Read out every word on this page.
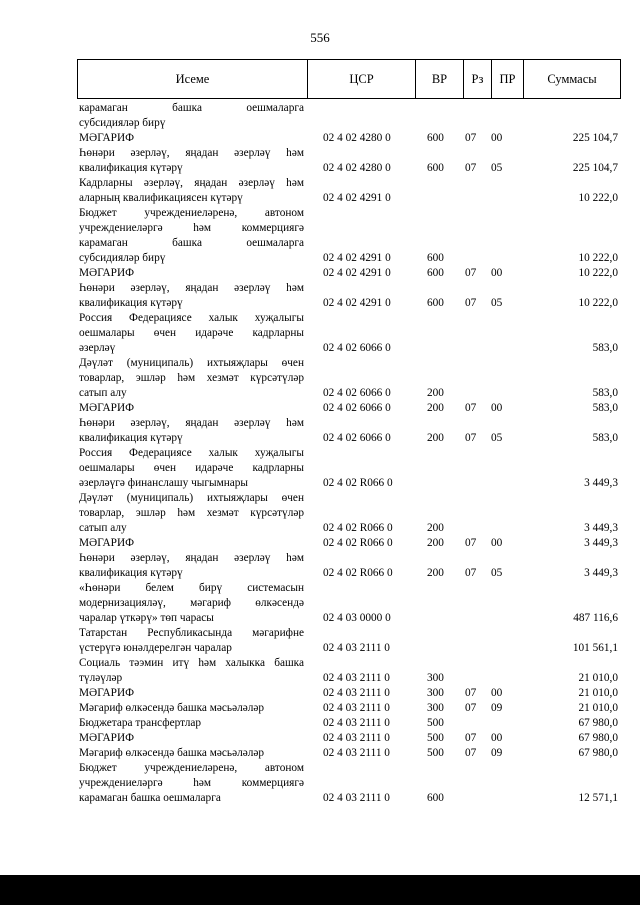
556
Исеме	ЦСР	ВР	Рз	ПР	Суммасы
карамаган башка оешмаларга
субсидияләр бирү
МӘГАРИФ	02 4 02 4280 0	600 07 00	225 104,7
Һөнәри әзерләү, яңадан әзерләү һәм
квалификация күтәрү	02 4 02 4280 0	600 07 05	225 104,7
Кадрларны әзерләү, яңадан әзерләү һәм
аларның квалификациясен күтәрү	02 4 02 4291 0	10 222,0
Бюджет учреждениеләренә, автоном
учреждениеләргә һәм коммерциягә
карамаган башка оешмаларга
субсидияләр бирү	02 4 02 4291 0	600	10 222,0
МӘГАРИФ	02 4 02 4291 0	600 07 00	10 222,0
Һөнәри әзерләү, яңадан әзерләү һәм
квалификация күтәрү	02 4 02 4291 0	600 07 05	10 222,0
Россия Федерациясе халык хуҗалыгы
оешмалары өчен идарәче кадрларны
әзерләү	02 4 02 6066 0	583,0
Дәүләт (муниципаль) ихтыяҗлары өчен
товарлар, эшләр һәм хезмәт күрсәтүләр
сатып алу	02 4 02 6066 0	200	583,0
МӘГАРИФ	02 4 02 6066 0	200 07 00	583,0
Һөнәри әзерләү, яңадан әзерләү һәм
квалификация күтәрү	02 4 02 6066 0	200 07 05	583,0
Россия Федерациясе халык хуҗалыгы
оешмалары өчен идарәче кадрларны
әзерләүгә финанслашу чыгымнары	02 4 02 R066 0	3 449,3
Дәүләт (муниципаль) ихтыяҗлары өчен
товарлар, эшләр һәм хезмәт күрсәтүләр
сатып алу	02 4 02 R066 0	200	3 449,3
МӘГАРИФ	02 4 02 R066 0	200 07 00	3 449,3
Һөнәри әзерләү, яңадан әзерләү һәм
квалификация күтәрү	02 4 02 R066 0	200 07 05	3 449,3
«Һөнәри белем бирү системасын
модернизацияләү, мәгариф өлкәсендә
чаралар үткәрү» төп чарасы	02 4 03 0000 0	487 116,6
Татарстан Республикасында мәгарифне
үстерүгә юнәлдерелгән чаралар	02 4 03 2111 0	101 561,1
Социаль тәэмин итү һәм халыкка башка
түләүләр	02 4 03 2111 0	300	21 010,0
МӘГАРИФ	02 4 03 2111 0	300 07 00	21 010,0
Мәгариф өлкәсендә башка мәсьәләләр	02 4 03 2111 0	300 07 09	21 010,0
Бюджетара трансфертлар	02 4 03 2111 0	500	67 980,0
МӘГАРИФ	02 4 03 2111 0	500 07 00	67 980,0
Мәгариф өлкәсендә башка мәсьәләләр	02 4 03 2111 0	500 07 09	67 980,0
Бюджет учреждениеләренә, автоном
учреждениеләргә һәм коммерциягә
карамаган башка оешмаларга	02 4 03 2111 0	600	12 571,1
